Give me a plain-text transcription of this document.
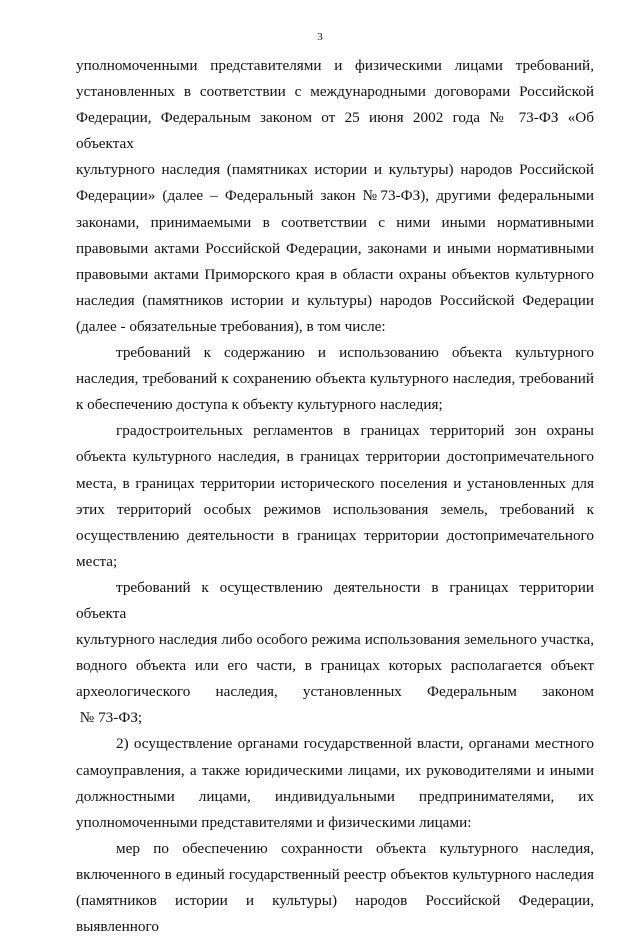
3

уполномоченными представителями и физическими лицами требований,
установленных в соответствии с международными договорами Российской
Федерации, Федеральным законом от 25 июня 2002 года № 73-ФЗ «Об объектах
культурного наследия (памятниках истории и культуры) народов Российской
Федерации» (далее – Федеральный закон №73-ФЗ), другими федеральными
законами, принимаемыми в соответствии с ними иными нормативными
правовыми актами Российской Федерации, законами и иными нормативными
правовыми актами Приморского края в области охраны объектов культурного
наследия (памятников истории и культуры) народов Российской Федерации
(далее - обязательные требования), в том числе:

требований к содержанию и использованию объекта культурного
наследия, требований к сохранению объекта культурного наследия, требований
к обеспечению доступа к объекту культурного наследия;

градостроительных регламентов в границах территорий зон охраны
объекта культурного наследия, в границах территории достопримечательного
места, в границах территории исторического поселения и установленных для
этих территорий особых режимов использования земель, требований к
осуществлению деятельности в границах территории достопримечательного
места;

требований к осуществлению деятельности в границах территории объекта
культурного наследия либо особого режима использования земельного участка,
водного объекта или его части, в границах которых располагается объект
археологического наследия, установленных Федеральным законом
№ 73-ФЗ;

2) осуществление органами государственной власти, органами местного
самоуправления, а также юридическими лицами, их руководителями и иными
должностными лицами, индивидуальными предпринимателями, их
уполномоченными представителями и физическими лицами:

мер по обеспечению сохранности объекта культурного наследия,
включенного в единый государственный реестр объектов культурного наследия
(памятников истории и культуры) народов Российской Федерации, выявленного
